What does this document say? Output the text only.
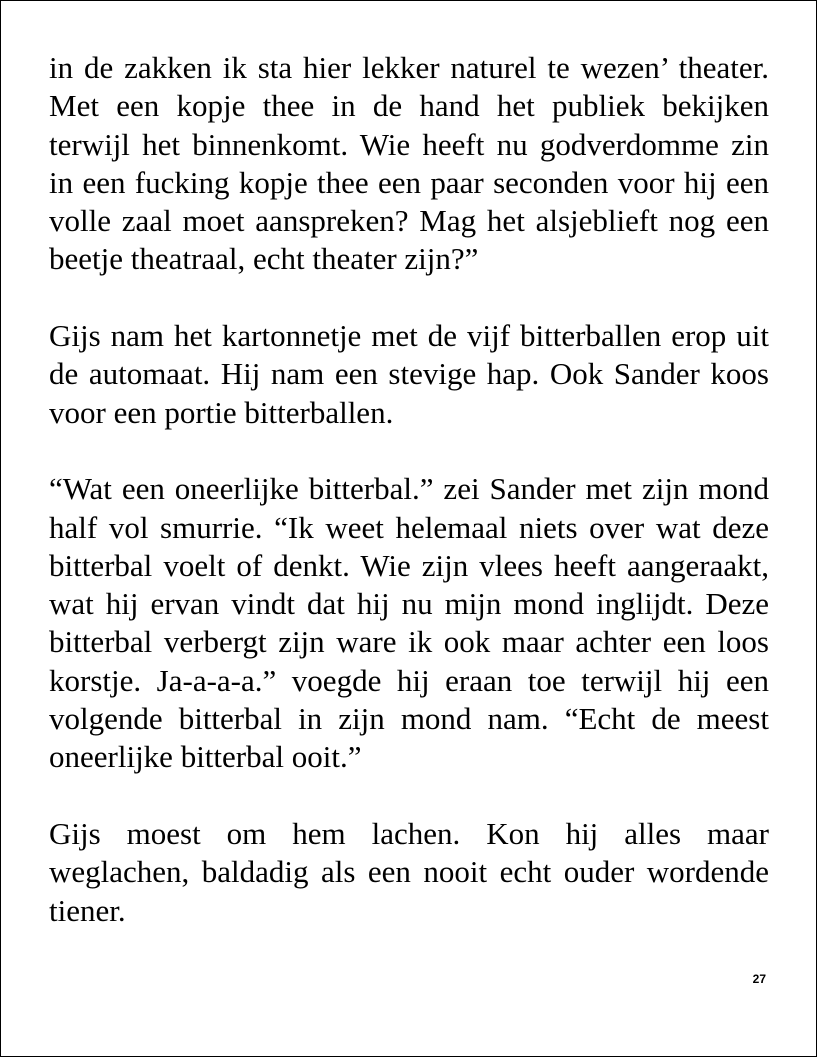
in de zakken ik sta hier lekker naturel te wezen’ theater. Met een kopje thee in de hand het publiek bekijken terwijl het binnenkomt. Wie heeft nu godverdomme zin in een fucking kopje thee een paar seconden voor hij een volle zaal moet aanspreken? Mag het alsjeblieft nog een beetje theatraal, echt theater zijn?”

Gijs nam het kartonnetje met de vijf bitterballen erop uit de automaat. Hij nam een stevige hap. Ook Sander koos voor een portie bitterballen.

“Wat een oneerlijke bitterbal.” zei Sander met zijn mond half vol smurrie. “Ik weet helemaal niets over wat deze bitterbal voelt of denkt. Wie zijn vlees heeft aangeraakt, wat hij ervan vindt dat hij nu mijn mond inglijdt. Deze bitterbal verbergt zijn ware ik ook maar achter een loos korstje. Ja-a-a-a.” voegde hij eraan toe terwijl hij een volgende bitterbal in zijn mond nam. “Echt de meest oneerlijke bitterbal ooit.”

Gijs moest om hem lachen. Kon hij alles maar weglachen, baldadig als een nooit echt ouder wordende tiener.

27
